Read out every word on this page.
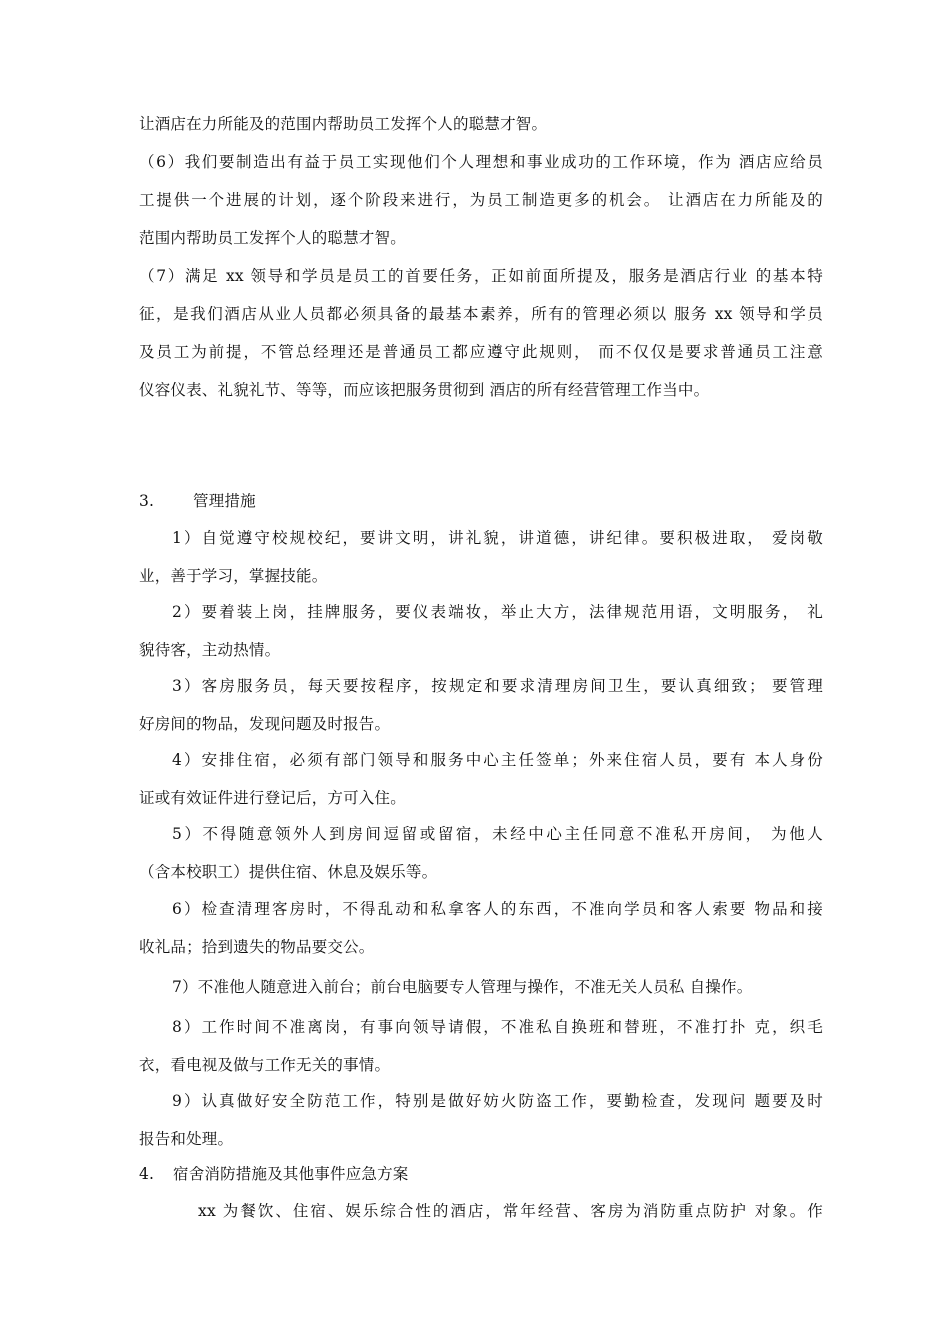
让酒店在力所能及的范围内帮助员工发挥个人的聪慧才智。
（6）我们要制造出有益于员工实现他们个人理想和事业成功的工作环境，作为 酒店应给员
工提供一个进展的计划，逐个阶段来进行，为员工制造更多的机会。 让酒店在力所能及的
范围内帮助员工发挥个人的聪慧才智。
（7）满足 xx 领导和学员是员工的首要任务，正如前面所提及，服务是酒店行业 的基本特
征，是我们酒店从业人员都必须具备的最基本素养，所有的管理必须以 服务 xx 领导和学员
及员工为前提，不管总经理还是普通员工都应遵守此规则， 而不仅仅是要求普通员工注意
仪容仪表、礼貌礼节、等等，而应该把服务贯彻到 酒店的所有经营管理工作当中。
3.	管理措施
1）自觉遵守校规校纪，要讲文明，讲礼貌，讲道德，讲纪律。要积极进取， 爱岗敬
业，善于学习，掌握技能。
2）要着装上岗，挂牌服务，要仪表端妆，举止大方，法律规范用语，文明服务， 礼
貌待客，主动热情。
3）客房服务员，每天要按程序，按规定和要求清理房间卫生，要认真细致； 要管理
好房间的物品，发现问题及时报告。
4）安排住宿，必须有部门领导和服务中心主任签单；外来住宿人员，要有 本人身份
证或有效证件进行登记后，方可入住。
5）不得随意领外人到房间逗留或留宿，未经中心主任同意不准私开房间， 为他人
（含本校职工）提供住宿、休息及娱乐等。
6）检查清理客房时，不得乱动和私拿客人的东西，不准向学员和客人索要 物品和接
收礼品；拾到遗失的物品要交公。
7）不准他人随意进入前台；前台电脑要专人管理与操作，不准无关人员私 自操作。
8）工作时间不准离岗，有事向领导请假，不准私自换班和替班，不准打扑 克，织毛
衣，看电视及做与工作无关的事情。
9）认真做好安全防范工作，特别是做好妨火防盗工作，要勤检查，发现问 题要及时
报告和处理。
4. 宿舍消防措施及其他事件应急方案
xx 为餐饮、住宿、娱乐综合性的酒店，常年经营、客房为消防重点防护 对象。作
